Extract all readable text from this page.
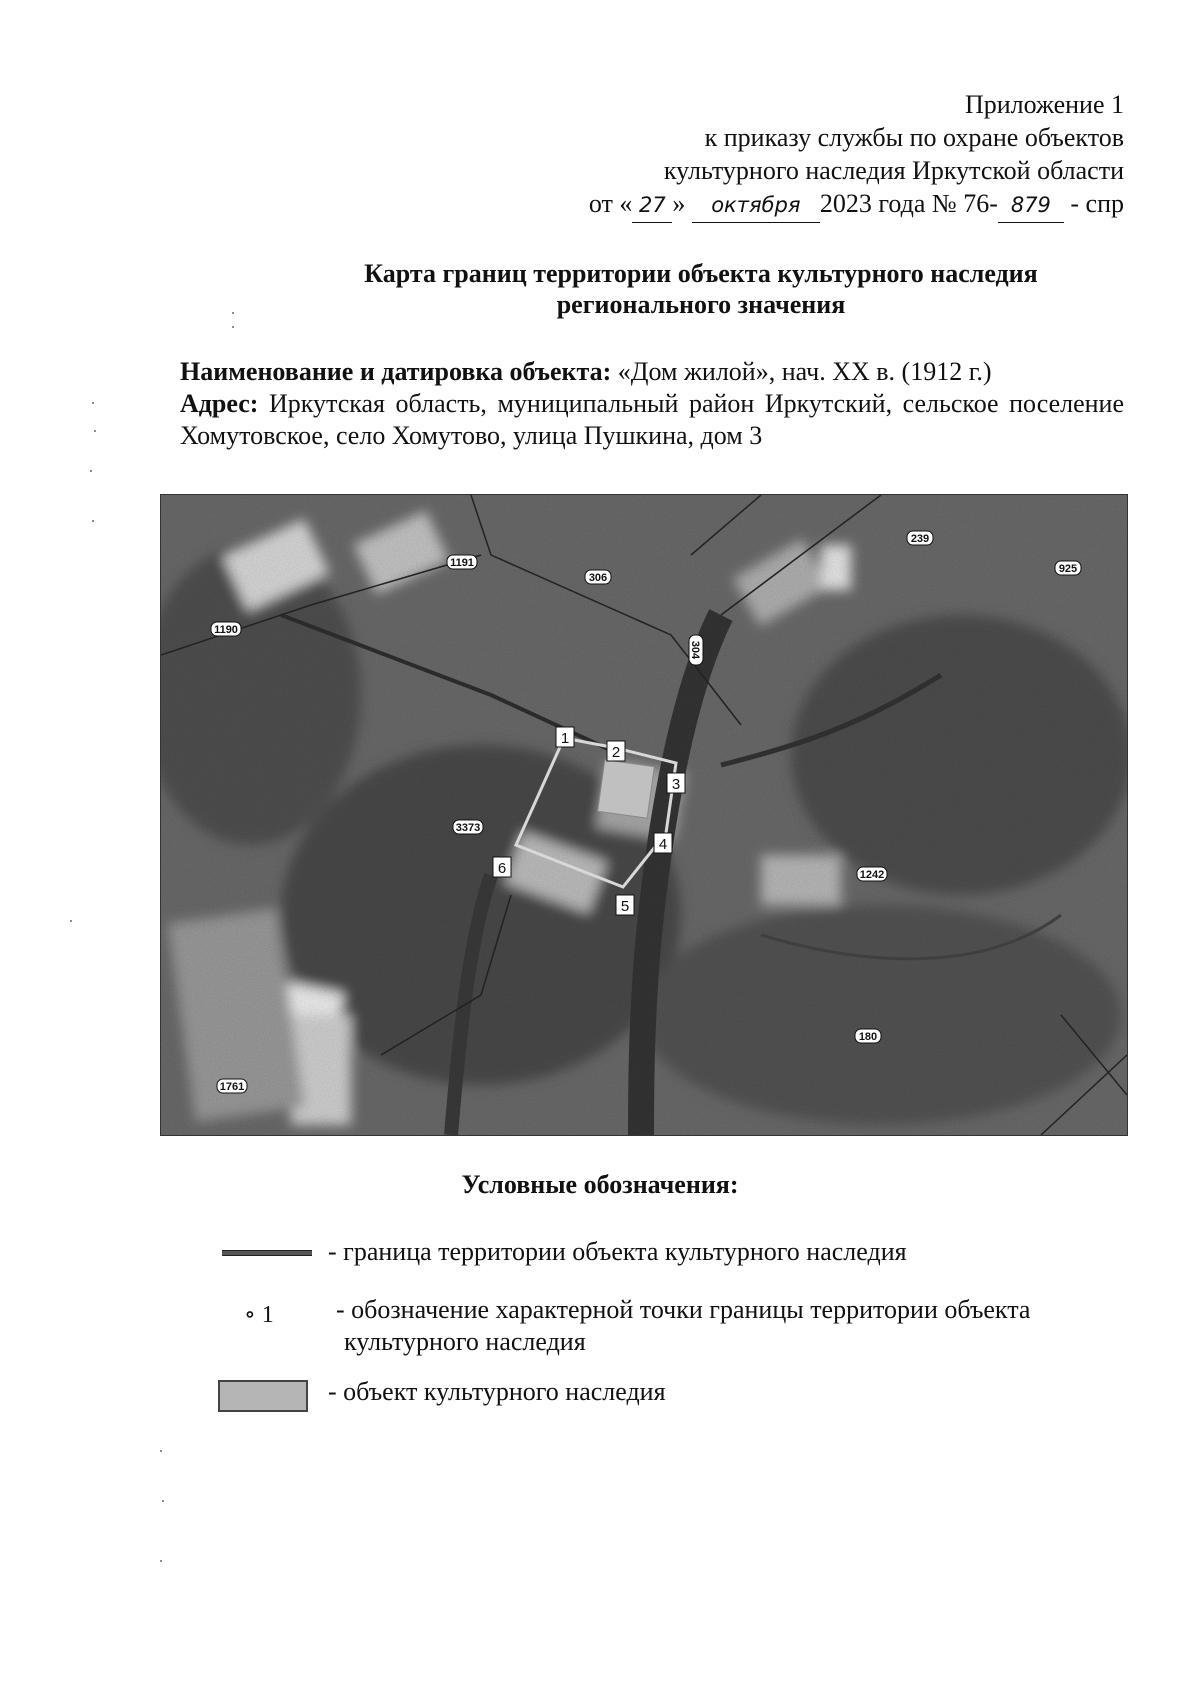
Приложение 1
к приказу службы по охране объектов
культурного наследия Иркутской области
от « 27 » октября 2023 года № 76- 879 - спр
Карта границ территории объекта культурного наследия
регионального значения
Наименование и датировка объекта: «Дом жилой», нач. XX в. (1912 г.)
Адрес: Иркутская область, муниципальный район Иркутский, сельское поселение Хомутовское, село Хомутово, улица Пушкина, дом 3
1191
306
239
925
1190
304
3373
1242
180
1761
1
2
3
4
5
6
Условные обозначения:
- граница территории объекта культурного наследия
∘ 1 - обозначение характерной точки границы территории объекта
культурного наследия
- объект культурного наследия
